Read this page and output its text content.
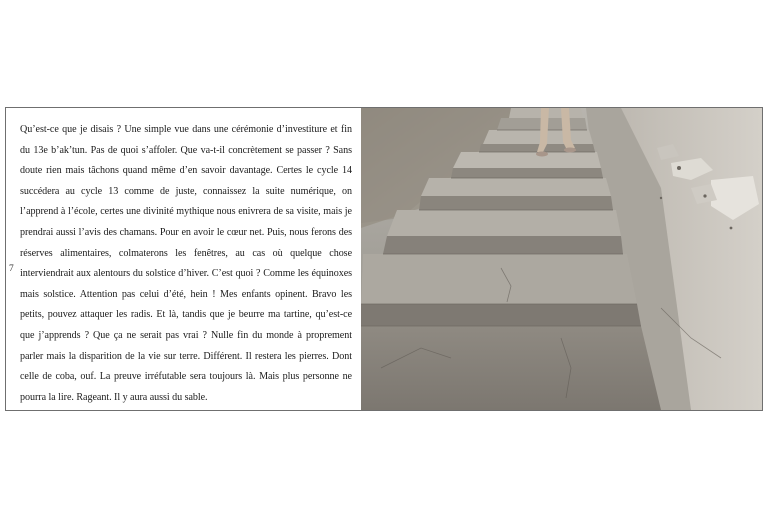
Qu’est-ce que je disais ? Une simple vue dans une cérémonie d’investiture et fin du 13e b’ak’tun. Pas de quoi s’affoler. Que va-t-il concrètement se passer ? Sans doute rien mais tâchons quand même d’en savoir davantage. Certes le cycle 14 succédera au cycle 13 comme de juste, connaissez la suite numérique, on l’apprend à l’école, certes une divinité mythique nous enivrera de sa visite, mais je prendrai aussi l’avis des chamans. Pour en avoir le cœur net. Puis, nous ferons des réserves alimentaires, colmaterons les fenêtres, au cas où quelque chose interviendrait aux alentours du solstice d’hiver. C’est quoi ? Comme les équinoxes mais solstice. Attention pas celui d’été, hein ! Mes enfants opinent. Bravo les petits, pouvez attaquer les radis. Et là, tandis que je beurre ma tartine, qu’est-ce que j’apprends ? Que ça ne serait pas vrai ? Nulle fin du monde à proprement parler mais la disparition de la vie sur terre. Différent. Il restera les pierres. Dont celle de coba, ouf. La preuve irréfutable sera toujours là. Mais plus personne ne pourra la lire. Rageant. Il y aura aussi du sable.

7
